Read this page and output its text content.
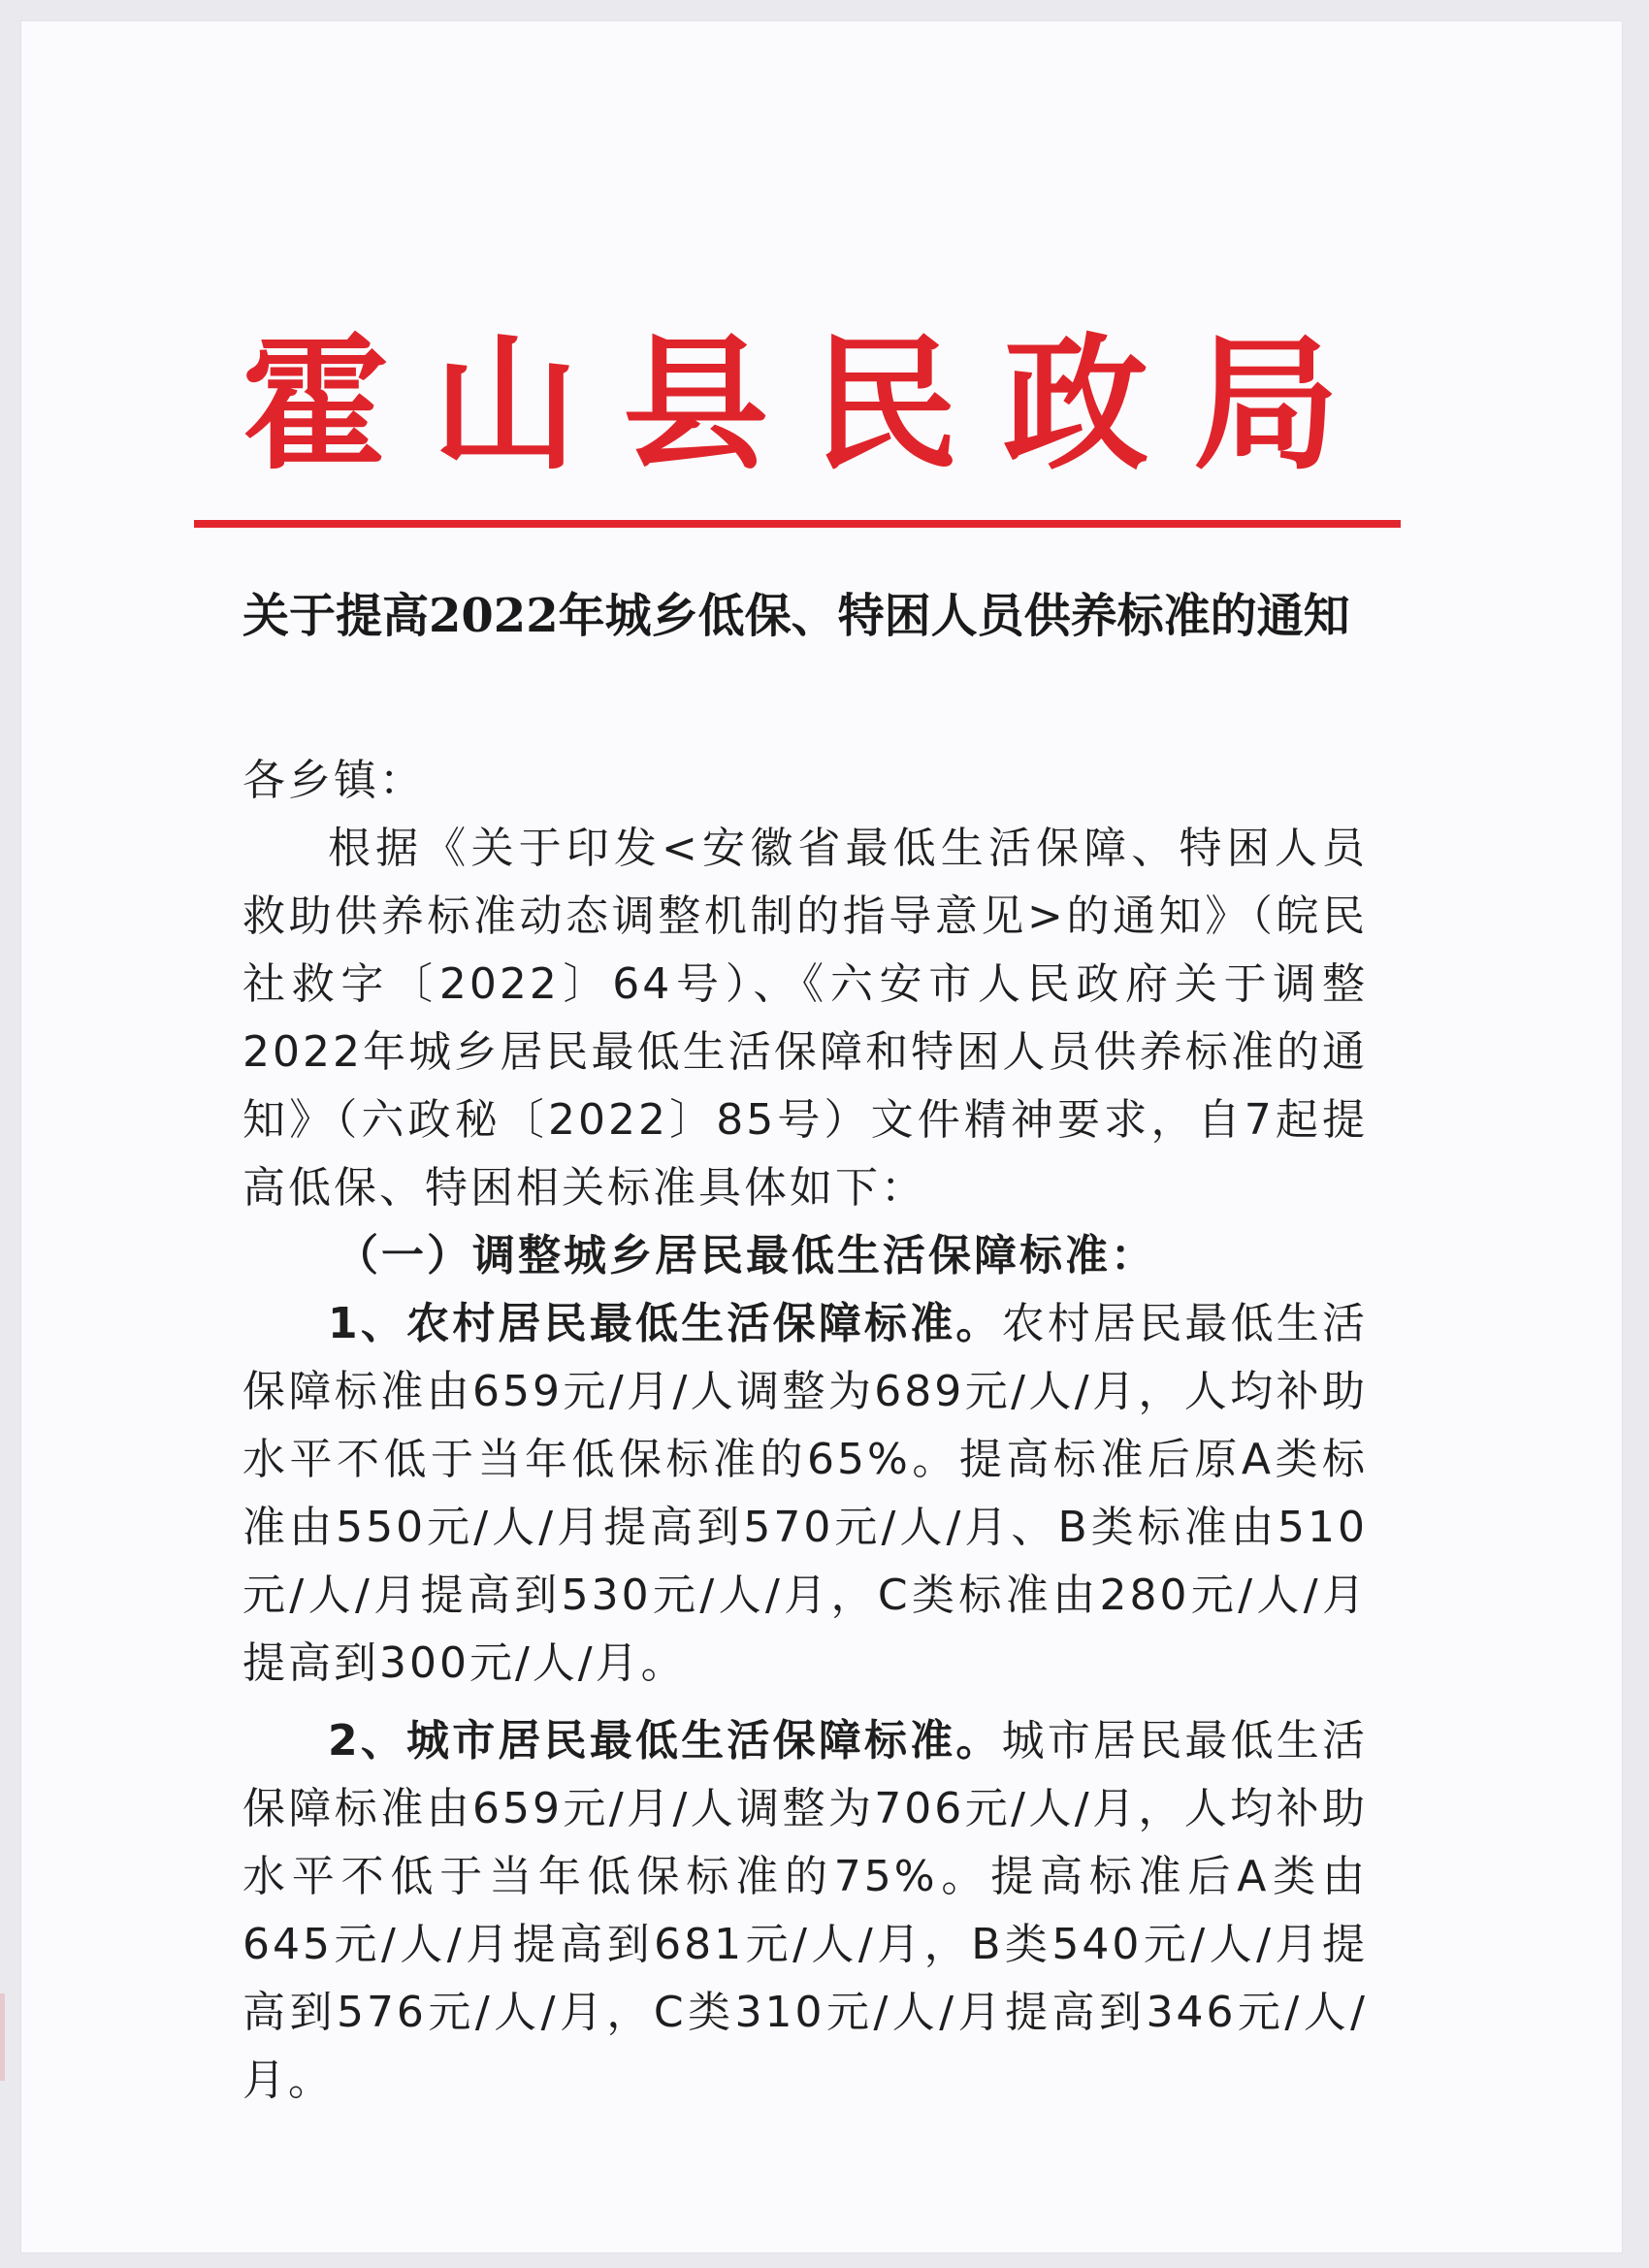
霍山县民政局
关于提高2022年城乡低保、特困人员供养标准的通知

各乡镇：

根据《关于印发<安徽省最低生活保障、特困人员救助供养标准动态调整机制的指导意见>的通知》（皖民社救字〔2022〕64号）、《六安市人民政府关于调整2022年城乡居民最低生活保障和特困人员供养标准的通知》（六政秘〔2022〕85号）文件精神要求，自7起提高低保、特困相关标准具体如下：

（一）调整城乡居民最低生活保障标准：

1、农村居民最低生活保障标准。农村居民最低生活保障标准由659元/月/人调整为689元/人/月，人均补助水平不低于当年低保标准的65%。提高标准后原A类标准由550元/人/月提高到570元/人/月、B类标准由510元/人/月提高到530元/人/月，C类标准由280元/人/月提高到300元/人/月。

2、城市居民最低生活保障标准。城市居民最低生活保障标准由659元/月/人调整为706元/人/月，人均补助水平不低于当年低保标准的75%。提高标准后A类由645元/人/月提高到681元/人/月，B类540元/人/月提高到576元/人/月，C类310元/人/月提高到346元/人/月。
